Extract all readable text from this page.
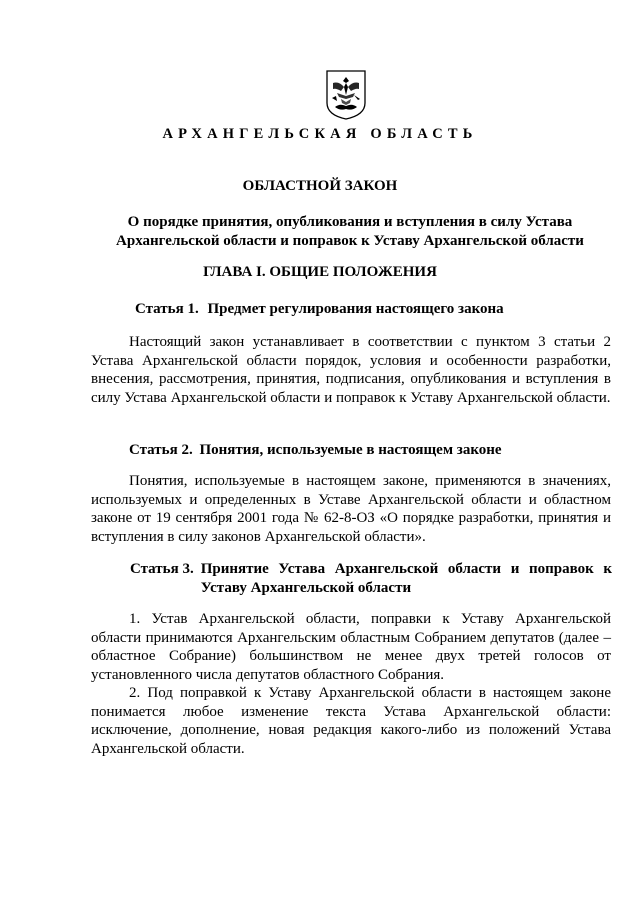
АРХАНГЕЛЬСКАЯ ОБЛАСТЬ
ОБЛАСТНОЙ ЗАКОН
О порядке принятия, опубликования и вступления в силу Устава Архангельской области и поправок к Уставу Архангельской области
ГЛАВА I. ОБЩИЕ ПОЛОЖЕНИЯ
Статья 1. Предмет регулирования настоящего закона
Настоящий закон устанавливает в соответствии с пунктом 3 статьи 2 Устава Архангельской области порядок, условия и особенности разработки, внесения, рассмотрения, принятия, подписания, опубликования и вступления в силу Устава Архангельской области и поправок к Уставу Архангельской области.
Статья 2. Понятия, используемые в настоящем законе
Понятия, используемые в настоящем законе, применяются в значениях, используемых и определенных в Уставе Архангельской области и областном законе от 19 сентября 2001 года № 62-8-ОЗ «О порядке разработки, принятия и вступления в силу законов Архангельской области».
Статья 3. Принятие Устава Архангельской области и поправок к Уставу Архангельской области
1. Устав Архангельской области, поправки к Уставу Архангельской области принимаются Архангельским областным Собранием депутатов (далее – областное Собрание) большинством не менее двух третей голосов от установленного числа депутатов областного Собрания.
2. Под поправкой к Уставу Архангельской области в настоящем законе понимается любое изменение текста Устава Архангельской области: исключение, дополнение, новая редакция какого-либо из положений Устава Архангельской области.
